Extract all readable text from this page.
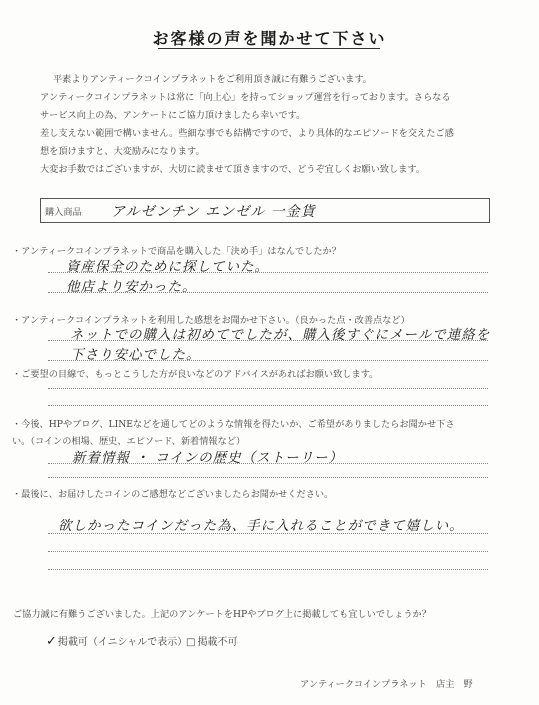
お客様の声を聞かせて下さい
平素よりアンティークコインプラネットをご利用頂き誠に有難うございます。
アンティークコインプラネットは常に「向上心」を持ってショップ運営を行っております。さらなる
サービス向上の為、アンケートにご協力頂けましたら幸いです。
差し支えない範囲で構いません。些細な事でも結構ですので、より具体的なエピソードを交えたご感
想を頂けますと、大変励みになります。
大変お手数ではございますが、大切に読ませて頂きますので、どうぞ宜しくお願い致します。
購入商品 アルゼンチン エンゼル 一金貨
・アンティークコインプラネットで商品を購入した「決め手」はなんでしたか？
資産保全のために探していた。
他店より安かった。
・アンティークコインプラネットを利用した感想をお聞かせ下さい。（良かった点・改善点など）
ネットでの購入は初めてでしたが、購入後すぐにメールで連絡を
下さり安心でした。
・ご要望の目線で、もっとこうした方が良いなどのアドバイスがあればお願い致します。
・今後、HPやブログ、LINEなどを通してどのような情報を得たいか、ご希望がありましたらお聞かせ下さ
い。（コインの相場、歴史、エピソード、新着情報など）
新着情報 ・ コインの歴史（ストーリー）
・最後に、お届けしたコインのご感想などございましたらお聞かせください。
欲しかったコインだった為、手に入れることができて嬉しい。
ご協力誠に有難うございました。上記のアンケートをHPやブログ上に掲載しても宜しいでしょうか？
✓掲載可（イニシャルで表示）
□ 掲載不可
アンティークコインプラネット　店主　野
